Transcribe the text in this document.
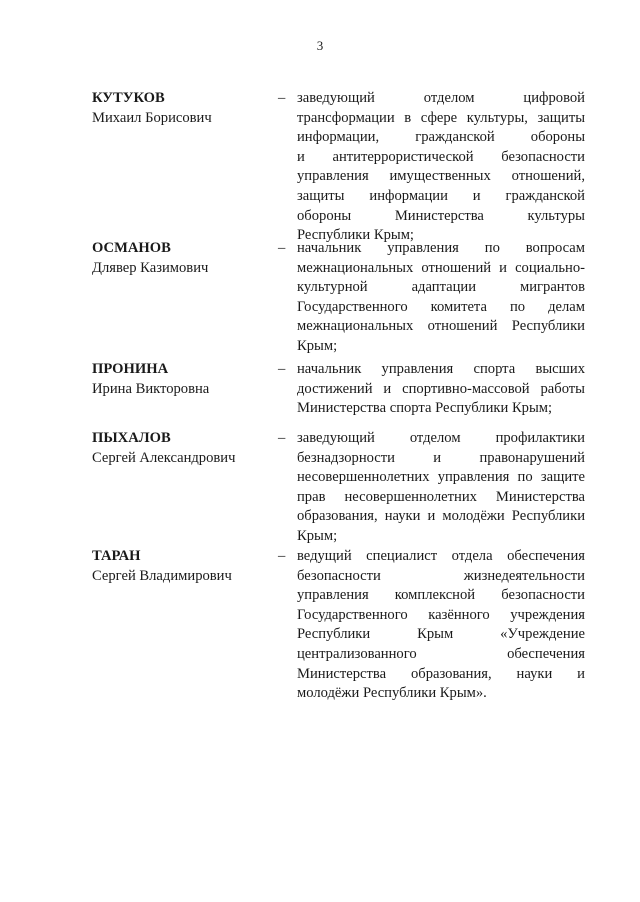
3
КУТУКОВ
Михаил Борисович
– заведующий отделом цифровой
трансформации в сфере культуры, защиты
информации, гражданской обороны
и антитеррористической безопасности
управления имущественных отношений,
защиты информации и гражданской
обороны Министерства культуры
Республики Крым;
ОСМАНОВ
Длявер Казимович
– начальник управления по вопросам
межнациональных отношений и социально-
культурной адаптации мигрантов
Государственного комитета по делам
межнациональных отношений Республики
Крым;
ПРОНИНА
Ирина Викторовна
– начальник управления спорта высших
достижений и спортивно-массовой работы
Министерства спорта Республики Крым;
ПЫХАЛОВ
Сергей Александрович
– заведующий отделом профилактики
безнадзорности и правонарушений
несовершеннолетних управления по защите
прав несовершеннолетних Министерства
образования, науки и молодёжи Республики
Крым;
ТАРАН
Сергей Владимирович
– ведущий специалист отдела обеспечения
безопасности жизнедеятельности
управления комплексной безопасности
Государственного казённого учреждения
Республики Крым «Учреждение
централизованного обеспечения
Министерства образования, науки и
молодёжи Республики Крым».
